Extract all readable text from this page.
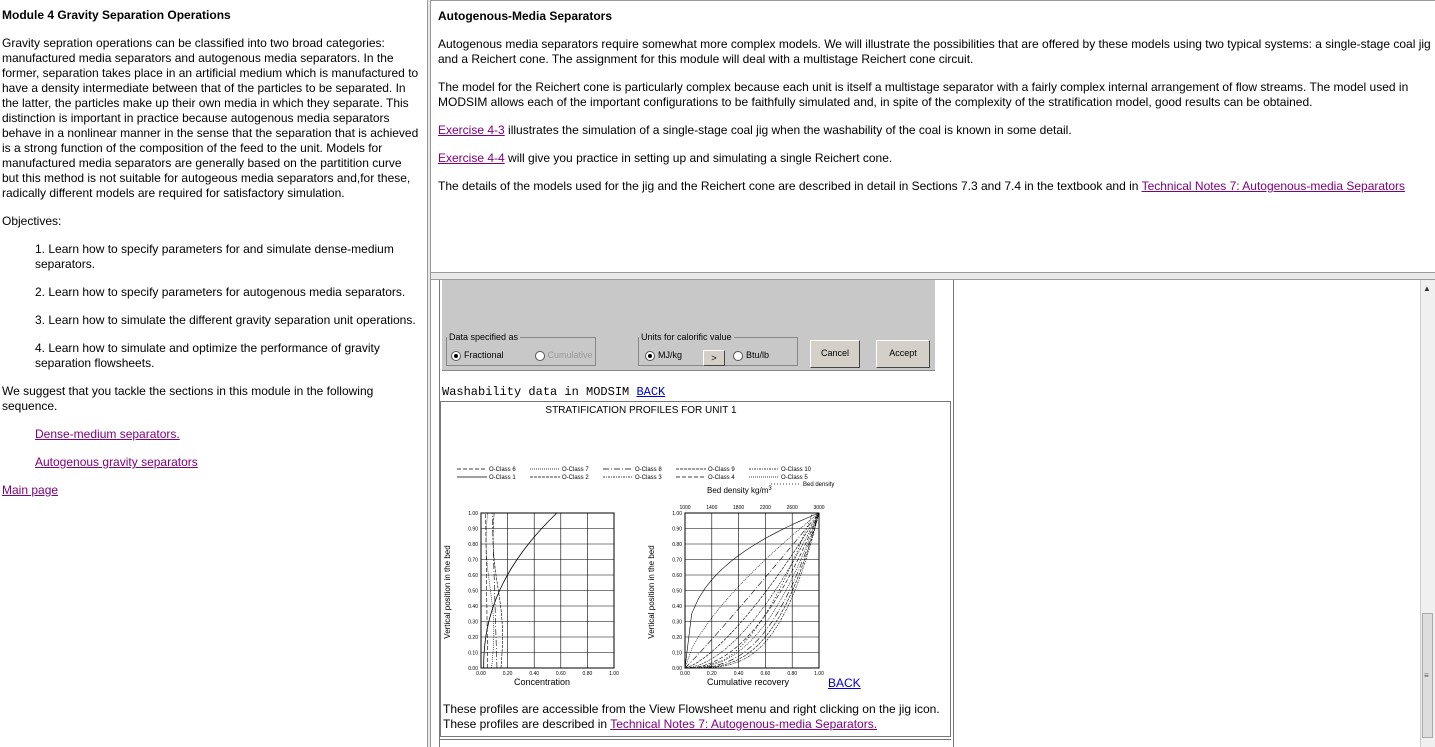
Module 4 Gravity Separation Operations

Gravity sepration operations can be classified into two broad categories: manufactured media separators and autogenous media separators. In the former, separation takes place in an artificial medium which is manufactured to have a density intermediate between that of the particles to be separated. In the latter, the particles make up their own media in which they separate. This distinction is important in practice because autogenous media separators behave in a nonlinear manner in the sense that the separation that is achieved is a strong function of the composition of the feed to the unit. Models for manufactured media separators are generally based on the partitition curve but this method is not suitable for autogeous media separators and,for these, radically different models are required for satisfactory simulation.

Objectives:

1. Learn how to specify parameters for and simulate dense-medium separators.
2. Learn how to specify parameters for autogenous media separators.
3. Learn how to simulate the different gravity separation unit operations.
4. Learn how to simulate and optimize the performance of gravity separation flowsheets.

We suggest that you tackle the sections in this module in the following sequence.

Dense-medium separators.
Autogenous gravity separators
Main page
Autogenous-Media Separators

Autogenous media separators require somewhat more complex models. We will illustrate the possibilities that are offered by these models using two typical systems: a single-stage coal jig and a Reichert cone. The assignment for this module will deal with a multistage Reichert cone circuit.

The model for the Reichert cone is particularly complex because each unit is itself a multistage separator with a fairly complex internal arrangement of flow streams. The model used in MODSIM allows each of the important configurations to be faithfully simulated and, in spite of the complexity of the stratification model, good results can be obtained.

Exercise 4-3 illustrates the simulation of a single-stage coal jig when the washability of the coal is known in some detail.

Exercise 4-4 will give you practice in setting up and simulating a single Reichert cone.

The details of the models used for the jig and the Reichert cone are described in detail in Sections 7.3 and 7.4 in the textbook and in Technical Notes 7: Autogenous-media Separators

Data specified as
Fractional	Cumulative
Units for calorific value
MJ/kg	>	Btu/lb	Cancel	Accept
Washability data in MODSIM BACK
STRATIFICATION PROFILES FOR UNIT 1
O-Class 6
O-Class 1
O-Class 7
O-Class 2
O-Class 8
O-Class 3
O-Class 9
O-Class 4
O-Class 10
O-Class 5
Bed density
Bed density $kg/m^3$
0.00
0.10
0.20
0.30
0.40
0.50
0.60
0.70
0.80
0.90
1.00
0.00	0.20	0.40	0.60	0.80	1.00
0.00
0.10
0.20
0.30
0.40
0.50
0.60
0.70
0.80
0.90
1.00
0.00	0.20	0.40	0.60	0.80	1.00
1000	1400	1800	2200	2600	3000
Vertical position in the bed	Vertical position in the bed
Concentration	Cumulative recovery	BACK
These profiles are accessible from the View Flowsheet menu and right clicking on the jig icon. These profiles are described in Technical Notes 7: Autogenous-media Separators.
▲
≡
